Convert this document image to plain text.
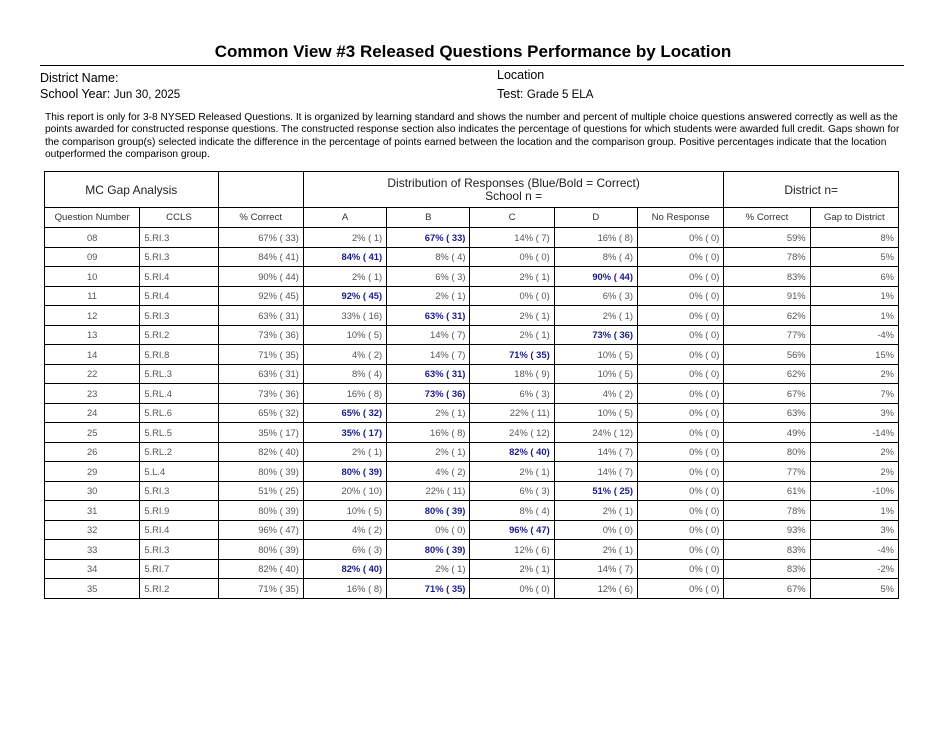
Common View #3 Released Questions Performance by Location
District Name:
School Year: Jun 30, 2025
Location
Test: Grade 5 ELA
This report is only for 3-8 NYSED Released Questions. It is organized by learning standard and shows the number and percent of multiple choice questions answered correctly as well as the points awarded for constructed response questions. The constructed response section also indicates the percentage of questions for which students were awarded full credit. Gaps shown for the comparison group(s) selected indicate the difference in the percentage of points earned between the location and the comparison group. Positive percentages indicate that the location outperformed the comparison group.
MC Gap Analysis			Distribution of Responses (Blue/Bold = Correct)
School n =					District n=	
Question Number	CCLS	% Correct	A	B	C	D	No Response	% Correct	Gap to District
08	5.RI.3	67% ( 33)	2% ( 1)	67% ( 33)	14% ( 7)	16% ( 8)	0% ( 0)	59%	8%
09	5.RI.3	84% ( 41)	84% ( 41)	8% ( 4)	0% ( 0)	8% ( 4)	0% ( 0)	78%	5%
10	5.RI.4	90% ( 44)	2% ( 1)	6% ( 3)	2% ( 1)	90% ( 44)	0% ( 0)	83%	6%
11	5.RI.4	92% ( 45)	92% ( 45)	2% ( 1)	0% ( 0)	6% ( 3)	0% ( 0)	91%	1%
12	5.RI.3	63% ( 31)	33% ( 16)	63% ( 31)	2% ( 1)	2% ( 1)	0% ( 0)	62%	1%
13	5.RI.2	73% ( 36)	10% ( 5)	14% ( 7)	2% ( 1)	73% ( 36)	0% ( 0)	77%	-4%
14	5.RI.8	71% ( 35)	4% ( 2)	14% ( 7)	71% ( 35)	10% ( 5)	0% ( 0)	56%	15%
22	5.RL.3	63% ( 31)	8% ( 4)	63% ( 31)	18% ( 9)	10% ( 5)	0% ( 0)	62%	2%
23	5.RL.4	73% ( 36)	16% ( 8)	73% ( 36)	6% ( 3)	4% ( 2)	0% ( 0)	67%	7%
24	5.RL.6	65% ( 32)	65% ( 32)	2% ( 1)	22% ( 11)	10% ( 5)	0% ( 0)	63%	3%
25	5.RL.5	35% ( 17)	35% ( 17)	16% ( 8)	24% ( 12)	24% ( 12)	0% ( 0)	49%	-14%
26	5.RL.2	82% ( 40)	2% ( 1)	2% ( 1)	82% ( 40)	14% ( 7)	0% ( 0)	80%	2%
29	5.L.4	80% ( 39)	80% ( 39)	4% ( 2)	2% ( 1)	14% ( 7)	0% ( 0)	77%	2%
30	5.RI.3	51% ( 25)	20% ( 10)	22% ( 11)	6% ( 3)	51% ( 25)	0% ( 0)	61%	-10%
31	5.RI.9	80% ( 39)	10% ( 5)	80% ( 39)	8% ( 4)	2% ( 1)	0% ( 0)	78%	1%
32	5.RI.4	96% ( 47)	4% ( 2)	0% ( 0)	96% ( 47)	0% ( 0)	0% ( 0)	93%	3%
33	5.RI.3	80% ( 39)	6% ( 3)	80% ( 39)	12% ( 6)	2% ( 1)	0% ( 0)	83%	-4%
34	5.RI.7	82% ( 40)	82% ( 40)	2% ( 1)	2% ( 1)	14% ( 7)	0% ( 0)	83%	-2%
35	5.RI.2	71% ( 35)	16% ( 8)	71% ( 35)	0% ( 0)	12% ( 6)	0% ( 0)	67%	5%
